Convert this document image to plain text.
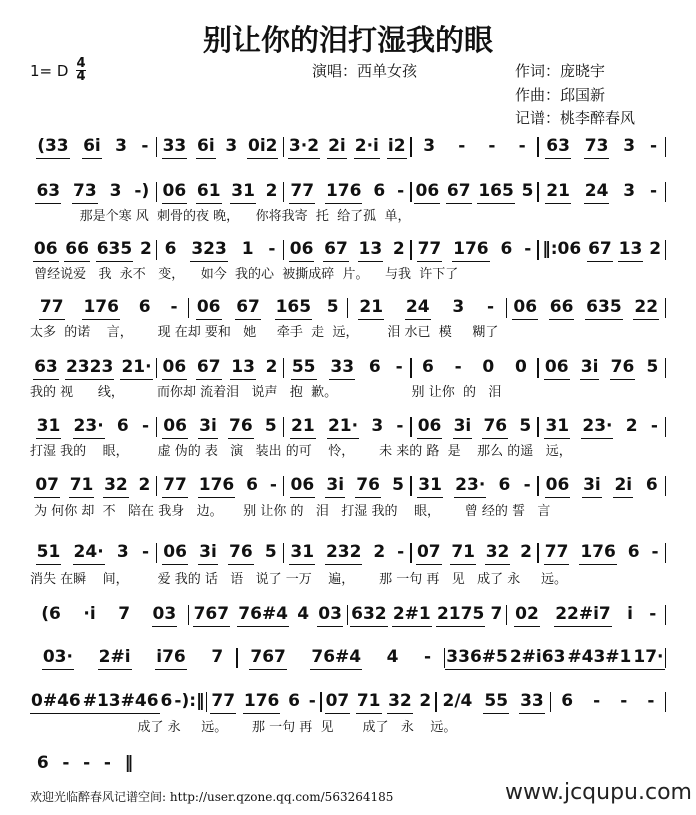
别让你的泪打湿我的眼
1= D 4
4	演唱：西单女孩	作词：庞晓宇
作曲：邱国新
记谱：桃李醉春风
(33 6i 3 - 33 6i 3 0i2 3·2 2i 2·i i2 3 - - - 63 73 3 -
63 73 3 -) 06 61 31 2 77 176 6 - 06 67 165 5 21 24 3 -
那是个寒 风  刺骨的夜 晚，    你将我寄  托  给了孤  单，
06 66 635 2 6 323 1 - 06 67 13 2 77 176 6 - ‖:06 67 13 2
曾经说爱   我  永不   变，    如今  我的心  被撕成碎  片。    与我  许下了
77 176 6 - 06 67 165 5 21 24 3 - 06 66 635 22
太多  的诺    言，      现 在却 要和   她     牵手  走  远，       泪 水已  模     糊了
63 2323 21· 06 67 13 2 55 33 6 - 6 - 0 0 06 3i 76 5
我的 视      线，        而你却 流着泪   说声   抱  歉。                  别 让你  的   泪
31 23· 6 - 06 3i 76 5 21 21· 3 - 06 3i 76 5 31 23· 2 -
打湿 我的    眼，       虚 伪的 表   演   装出 的可    怜，      未 来的 路  是    那么 的遥   远，
07 71 32 2 77 176 6 - 06 3i 76 5 31 23· 6 - 06 3i 2i 6
为 何你 却  不   陪在 我身   边。     别 让你 的   泪   打湿 我的    眼，      曾 经的 誓   言
51 24· 3 - 06 3i 76 5 31 232 2 - 07 71 32 2 77 176 6 -
消失 在瞬    间，       爱 我的 话   语   说了 一万    遍，      那 一句 再   见   成了 永     远。
(6 ·i 7 03 767 76#4 4 03 632 2#1 2175 7 02 22#i7 i -
03· 2#i i76 7 767 76#4 4 - 336#5 2#i63 #43#1 17·
0#46 #13#46 6 -):‖ 77 176 6 - 07 71 32 2 2/4 55 33 6 - - -
成了 永     远。      那 一句 再  见       成了   永    远。
6 - - - ‖
欢迎光临醉春风记谱空间: http://user.qzone.qq.com/563264185	www.jcqupu.com
